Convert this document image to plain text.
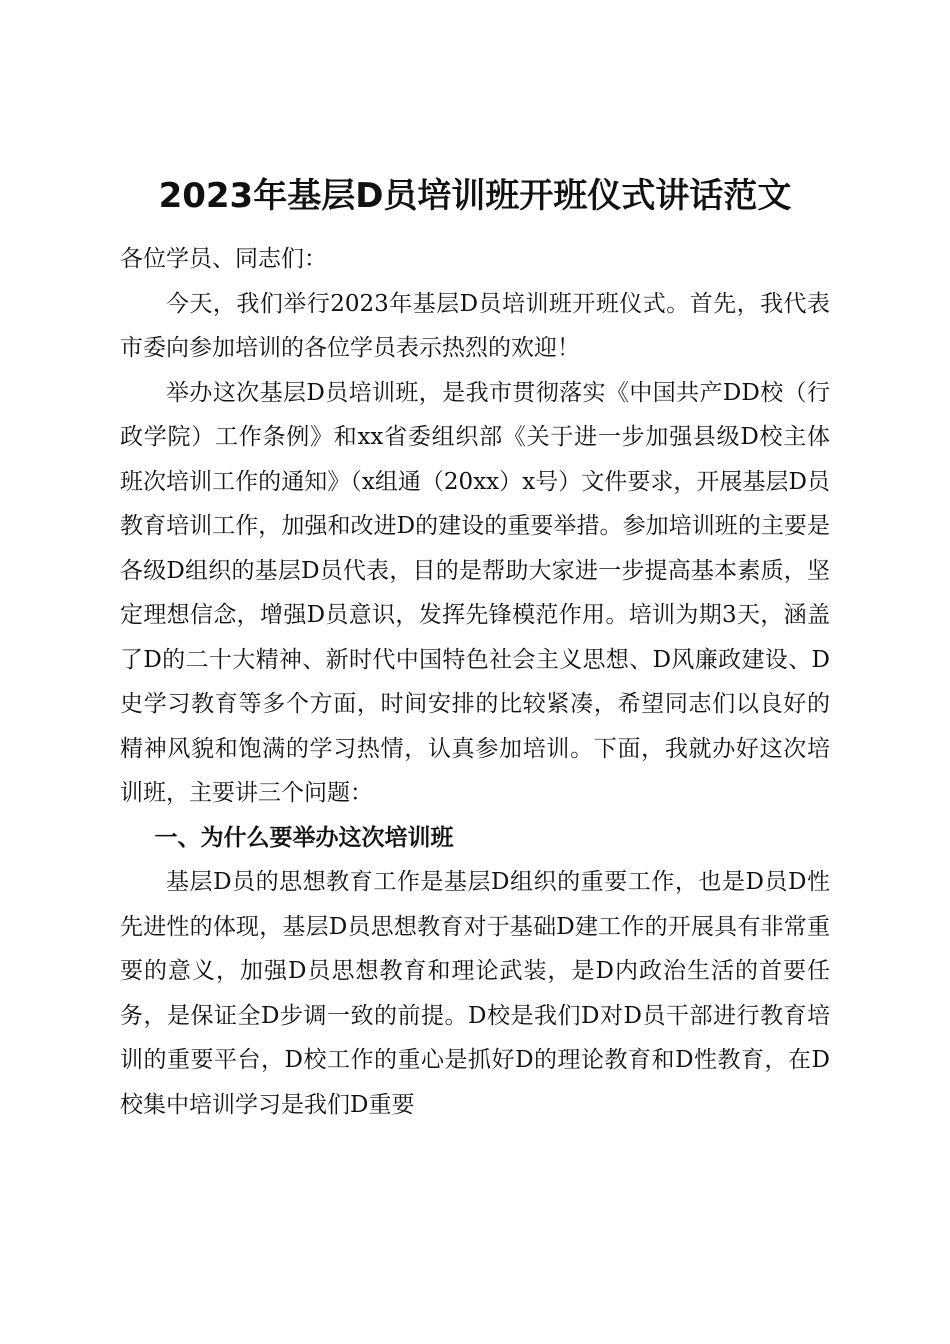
2023年基层D员培训班开班仪式讲话范文

各位学员、同志们：

今天，我们举行2023年基层D员培训班开班仪式。首先，我代表市委向参加培训的各位学员表示热烈的欢迎！

举办这次基层D员培训班，是我市贯彻落实《中国共产DD校（行政学院）工作条例》和xx省委组织部《关于进一步加强县级D校主体班次培训工作的通知》（x组通（20xx）x号）文件要求，开展基层D员教育培训工作，加强和改进D的建设的重要举措。参加培训班的主要是各级D组织的基层D员代表，目的是帮助大家进一步提高基本素质，坚定理想信念，增强D员意识，发挥先锋模范作用。培训为期3天，涵盖了D的二十大精神、新时代中国特色社会主义思想、D风廉政建设、D史学习教育等多个方面，时间安排的比较紧凑，希望同志们以良好的精神风貌和饱满的学习热情，认真参加培训。下面，我就办好这次培训班，主要讲三个问题：

一、为什么要举办这次培训班

基层D员的思想教育工作是基层D组织的重要工作，也是D员D性先进性的体现，基层D员思想教育对于基础D建工作的开展具有非常重要的意义，加强D员思想教育和理论武装，是D内政治生活的首要任务，是保证全D步调一致的前提。D校是我们D对D员干部进行教育培训的重要平台，D校工作的重心是抓好D的理论教育和D性教育，在D校集中培训学习是我们D重要
